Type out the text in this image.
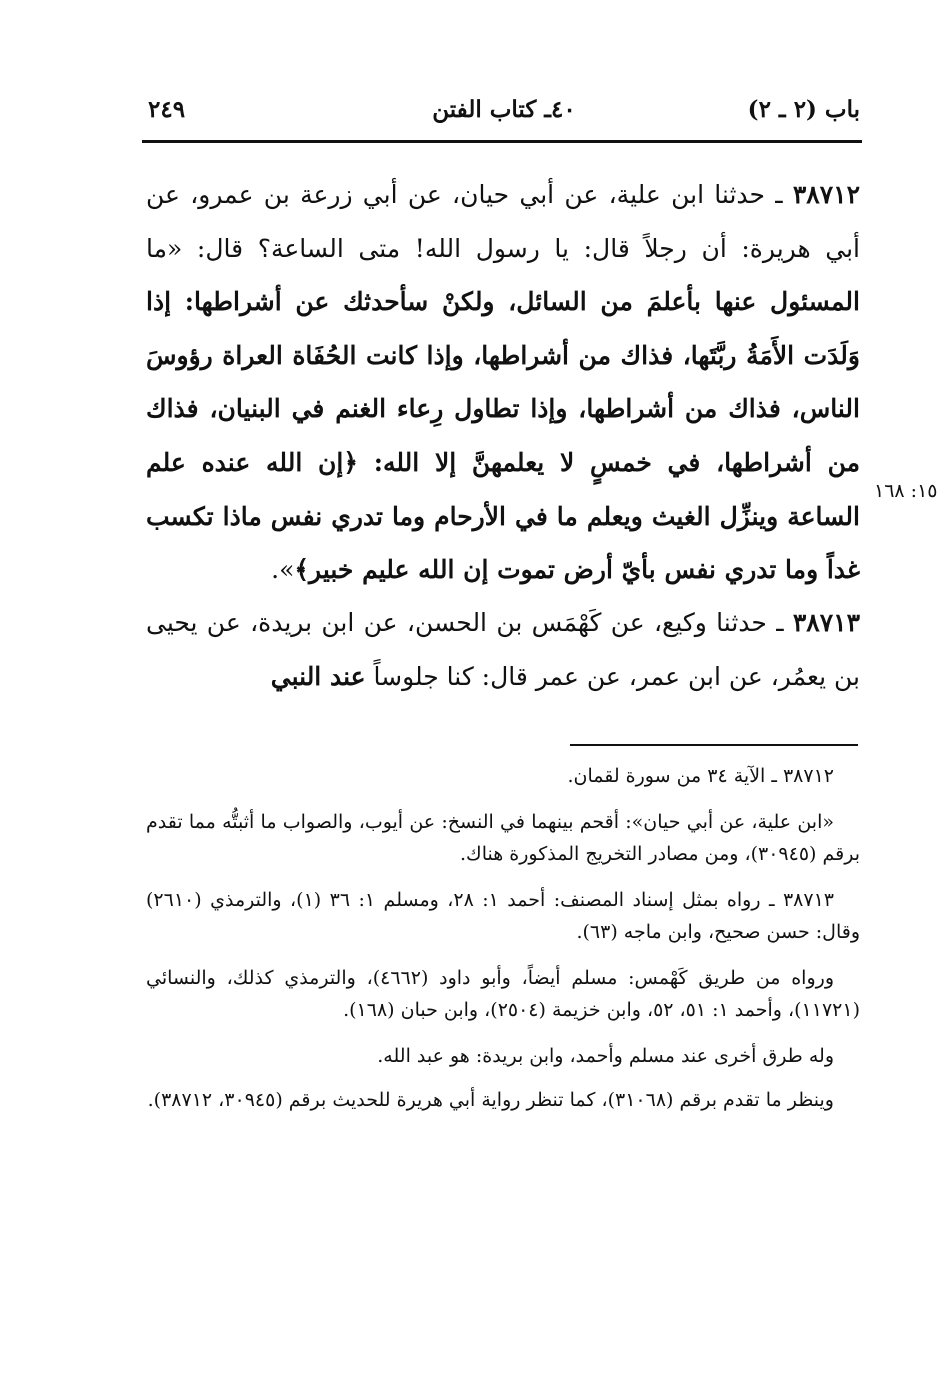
باب (٢ ـ ٢)
٤٠ـ كتاب الفتن
٢٤٩
٣٨٧١٢ ـ حدثنا ابن علية، عن أبي حيان، عن أبي زرعة بن عمرو، عن أبي هريرة: أن رجلاً قال: يا رسول الله! متى الساعة؟ قال: «ما المسئول عنها بأعلمَ من السائل، ولكنْ سأحدثك عن أشراطها: إذا وَلَدَت الأَمَةُ ربَّتَها، فذاك من أشراطها، وإذا كانت الحُفَاة العراة رؤوسَ الناس، فذاك من أشراطها، وإذا تطاول رِعاء الغنم في البنيان، فذاك من أشراطها، في خمسٍ لا يعلمهنَّ إلا الله: ﴿إن الله عنده علم الساعة وينزِّل الغيث ويعلم ما في الأرحام وما تدري نفس ماذا تكسب غداً وما تدري نفس بأيّ أرض تموت إن الله عليم خبير﴾».
١٥: ١٦٨
٣٨٧١٣ ـ حدثنا وكيع، عن كَهْمَس بن الحسن، عن ابن بريدة، عن يحيى بن يعمُر، عن ابن عمر، عن عمر قال: كنا جلوساً عند النبي

٣٨٧١٢ ـ الآية ٣٤ من سورة لقمان.

«ابن علية، عن أبي حيان»: أقحم بينهما في النسخ: عن أيوب، والصواب ما أثبتُّه مما تقدم برقم (٣٠٩٤٥)، ومن مصادر التخريج المذكورة هناك.

٣٨٧١٣ ـ رواه بمثل إسناد المصنف: أحمد ١: ٢٨، ومسلم ١: ٣٦ (١)، والترمذي (٢٦١٠) وقال: حسن صحيح، وابن ماجه (٦٣).

ورواه من طريق كَهْمس: مسلم أيضاً، وأبو داود (٤٦٦٢)، والترمذي كذلك، والنسائي (١١٧٢١)، وأحمد ١: ٥١، ٥٢، وابن خزيمة (٢٥٠٤)، وابن حبان (١٦٨).

وله طرق أخرى عند مسلم وأحمد، وابن بريدة: هو عبد الله.

وينظر ما تقدم برقم (٣١٠٦٨)، كما تنظر رواية أبي هريرة للحديث برقم (٣٠٩٤٥، ٣٨٧١٢).
